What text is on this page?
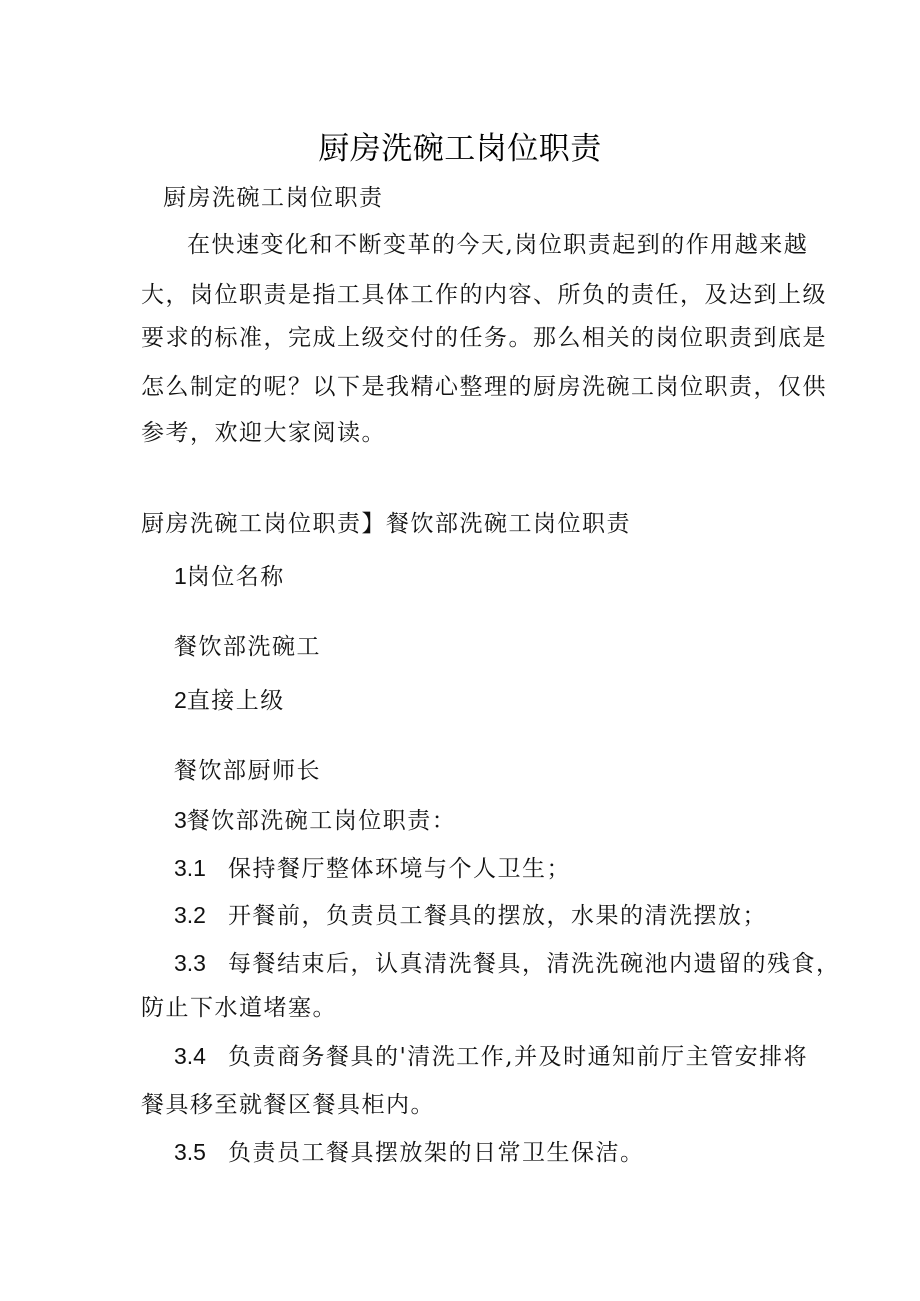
厨房洗碗工岗位职责
厨房洗碗工岗位职责
在快速变化和不断变革的今天,岗位职责起到的作用越来越
大，岗位职责是指工具体工作的内容、所负的责任，及达到上级
要求的标准，完成上级交付的任务。那么相关的岗位职责到底是
怎么制定的呢？以下是我精心整理的厨房洗碗工岗位职责，仅供
参考，欢迎大家阅读。
厨房洗碗工岗位职责】餐饮部洗碗工岗位职责
1岗位名称
餐饮部洗碗工
2直接上级
餐饮部厨师长
3餐饮部洗碗工岗位职责：
3.1 保持餐厅整体环境与个人卫生；
3.2 开餐前，负责员工餐具的摆放，水果的清洗摆放；
3.3 每餐结束后，认真清洗餐具，清洗洗碗池内遗留的残食，
防止下水道堵塞。
3.4 负责商务餐具的'清洗工作,并及时通知前厅主管安排将
餐具移至就餐区餐具柜内。
3.5 负责员工餐具摆放架的日常卫生保洁。
